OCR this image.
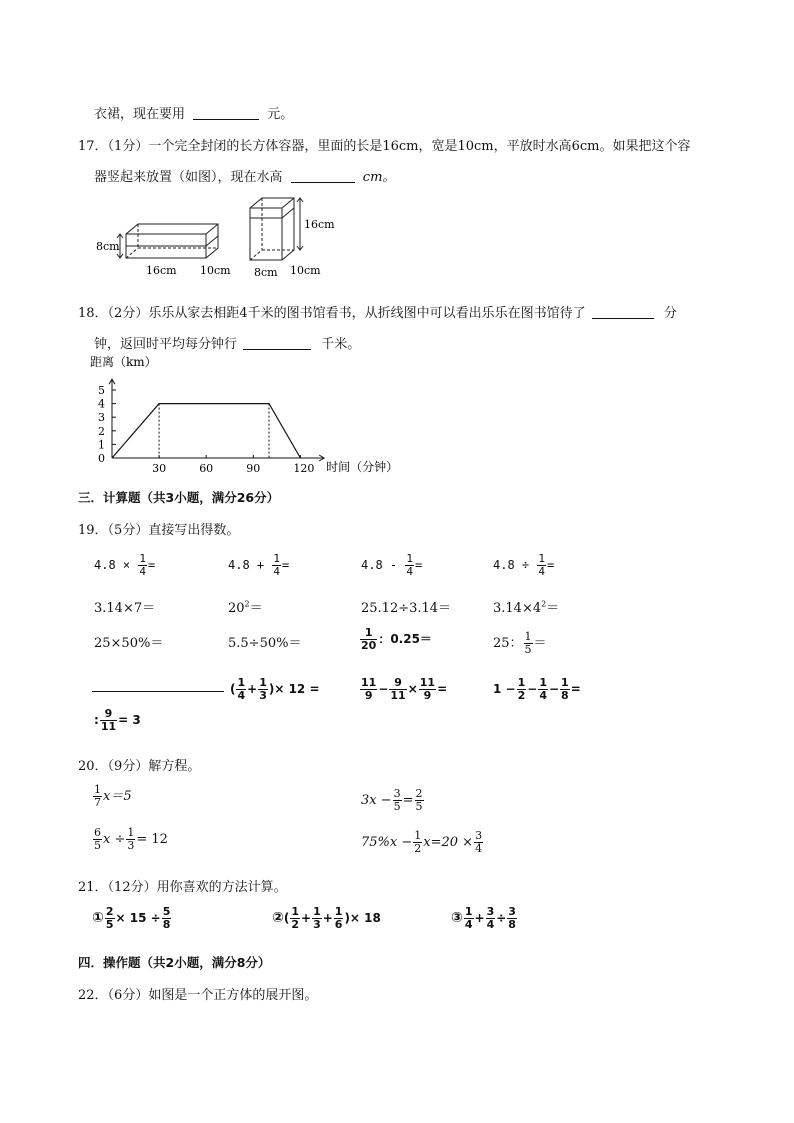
衣裙，现在要用	元。
17．（1分）一个完全封闭的长方体容器，里面的长是16cm，宽是10cm，平放时水高6cm。如果把这个容
器竖起来放置（如图），现在水高	cm。
8cm
16cm 10cm
16cm
8cm 10cm
18．（2分）乐乐从家去相距4千米的图书馆看书，从折线图中可以看出乐乐在图书馆待了	分
钟，返回时平均每分钟行	千米。
距离（km）
时间（分钟）
0
1
2
3
4
5
30	60	90	120
三．计算题（共3小题，满分26分）
19．（5分）直接写出得数。
$4.8 \times \frac{1}{4}$ =	$4.8 + \frac{1}{4}$ =	$4.8 - \frac{1}{4}$ =	$4.8 \div \frac{1}{4}$ =
3.14×7＝	$20^2=$	25.12÷3.14＝	$3.14\times 4^2=$
25×50%＝	5.5÷50%＝	$\frac{1}{20}$ ：0.25＝	25： $\frac{1}{5}$ ＝
( $\frac{1}{4} + \frac{1}{3}$ )× 12 =	$\frac{11}{9} - \frac{9}{11} \times \frac{11}{9}$ =	$1 - \frac{1}{2} - \frac{1}{4} - \frac{1}{8}$ =
: $\frac{9}{11} = 3$
20．（9分）解方程。
$\frac{1}{7} x=5$	$3x - \frac{3}{5} = \frac{2}{5}$
$\frac{6}{5}$ $x \div \frac{1}{3} = 12$	$75\%x - \frac{1}{2} x=20 \times \frac{3}{4}$
21．（12分）用你喜欢的方法计算。
① $\frac{2}{5} \times 15 \div \frac{5}{8}$	②( $\frac{1}{2} + \frac{1}{3} + \frac{1}{6}$ )× 18	③ $\frac{1}{4} + \frac{3}{4} \div \frac{3}{8}$
四．操作题（共2小题，满分8分）
22．（6分）如图是一个正方体的展开图。
